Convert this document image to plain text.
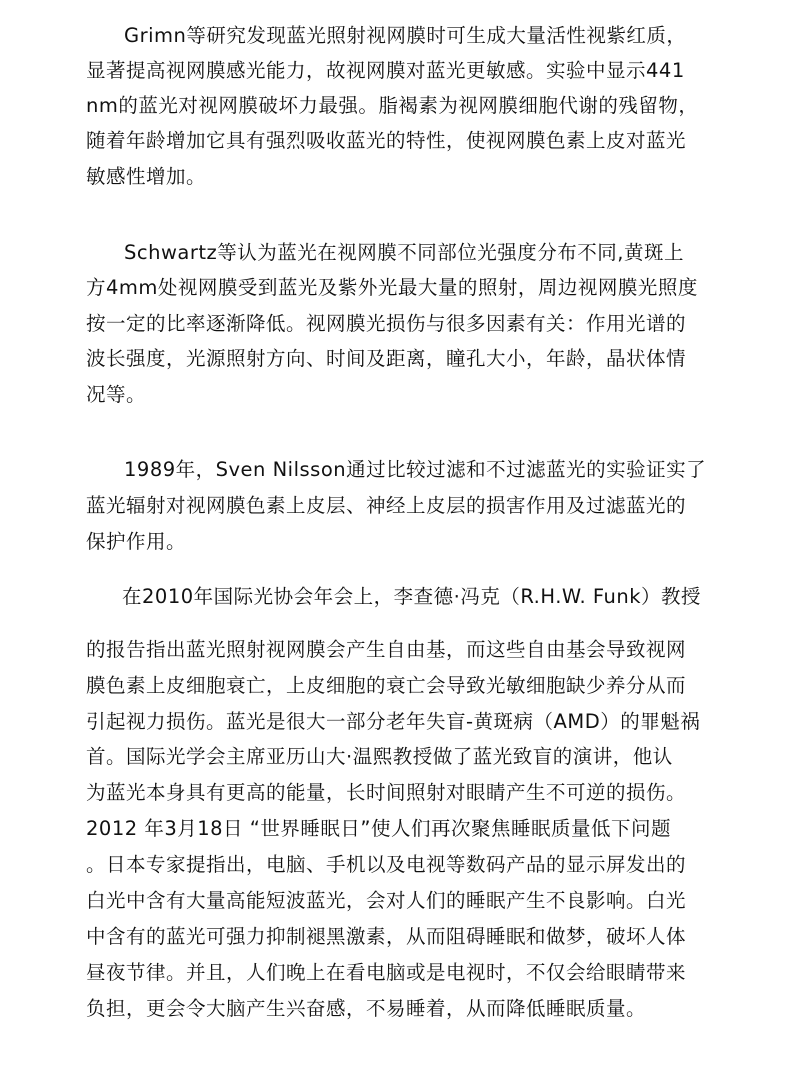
Grimn等研究发现蓝光照射视网膜时可生成大量活性视紫红质，
显著提高视网膜感光能力，故视网膜对蓝光更敏感。实验中显示441
nm的蓝光对视网膜破坏力最强。脂褐素为视网膜细胞代谢的残留物，
随着年龄增加它具有强烈吸收蓝光的特性，使视网膜色素上皮对蓝光
敏感性增加。
Schwartz等认为蓝光在视网膜不同部位光强度分布不同,黄斑上
方4mm处视网膜受到蓝光及紫外光最大量的照射，周边视网膜光照度
按一定的比率逐渐降低。视网膜光损伤与很多因素有关：作用光谱的
波长强度，光源照射方向、时间及距离，瞳孔大小，年龄，晶状体情
况等。
1989年，Sven Nilsson通过比较过滤和不过滤蓝光的实验证实了
蓝光辐射对视网膜色素上皮层、神经上皮层的损害作用及过滤蓝光的
保护作用。
在2010年国际光协会年会上，李查德·冯克（R.H.W. Funk）教授
的报告指出蓝光照射视网膜会产生自由基，而这些自由基会导致视网
膜色素上皮细胞衰亡，上皮细胞的衰亡会导致光敏细胞缺少养分从而
引起视力损伤。蓝光是很大一部分老年失盲-黄斑病（AMD）的罪魁祸
首。国际光学会主席亚历山大·温熙教授做了蓝光致盲的演讲，他认
为蓝光本身具有更高的能量，长时间照射对眼睛产生不可逆的损伤。
2012 年3月18日 “世界睡眠日”使人们再次聚焦睡眠质量低下问题
。日本专家提指出，电脑、手机以及电视等数码产品的显示屏发出的
白光中含有大量高能短波蓝光，会对人们的睡眠产生不良影响。白光
中含有的蓝光可强力抑制褪黑激素，从而阻碍睡眠和做梦，破坏人体
昼夜节律。并且，人们晚上在看电脑或是电视时，不仅会给眼睛带来
负担，更会令大脑产生兴奋感，不易睡着，从而降低睡眠质量。
